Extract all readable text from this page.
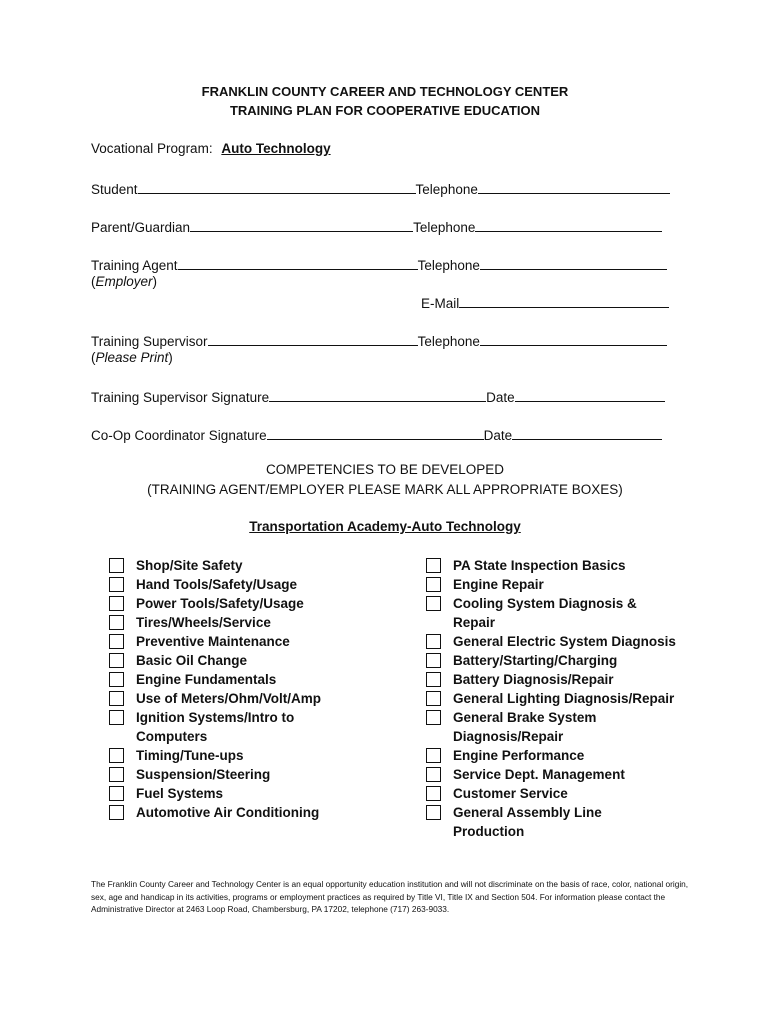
FRANKLIN COUNTY CAREER AND TECHNOLOGY CENTER
TRAINING PLAN FOR COOPERATIVE EDUCATION
Vocational Program: Auto Technology
Student	Telephone
Parent/Guardian	Telephone
Training Agent	Telephone
(Employer)
E-Mail
Training Supervisor	Telephone
(Please Print)
Training Supervisor Signature	Date
Co-Op Coordinator Signature	Date
COMPETENCIES TO BE DEVELOPED
(TRAINING AGENT/EMPLOYER PLEASE MARK ALL APPROPRIATE BOXES)
Transportation Academy-Auto Technology
Shop/Site Safety
Hand Tools/Safety/Usage
Power Tools/Safety/Usage
Tires/Wheels/Service
Preventive Maintenance
Basic Oil Change
Engine Fundamentals
Use of Meters/Ohm/Volt/Amp
Ignition Systems/Intro to
Computers
Timing/Tune-ups
Suspension/Steering
Fuel Systems
Automotive Air Conditioning
PA State Inspection Basics
Engine Repair
Cooling System Diagnosis &
Repair
General Electric System Diagnosis
Battery/Starting/Charging
Battery Diagnosis/Repair
General Lighting Diagnosis/Repair
General Brake System
Diagnosis/Repair
Engine Performance
Service Dept. Management
Customer Service
General Assembly Line
Production
The Franklin County Career and Technology Center is an equal opportunity education institution and will not discriminate on the basis of race, color, national origin, sex, age and handicap in its activities, programs or employment practices as required by Title VI, Title IX and Section 504. For information please contact the Administrative Director at 2463 Loop Road, Chambersburg, PA 17202, telephone (717) 263-9033.
